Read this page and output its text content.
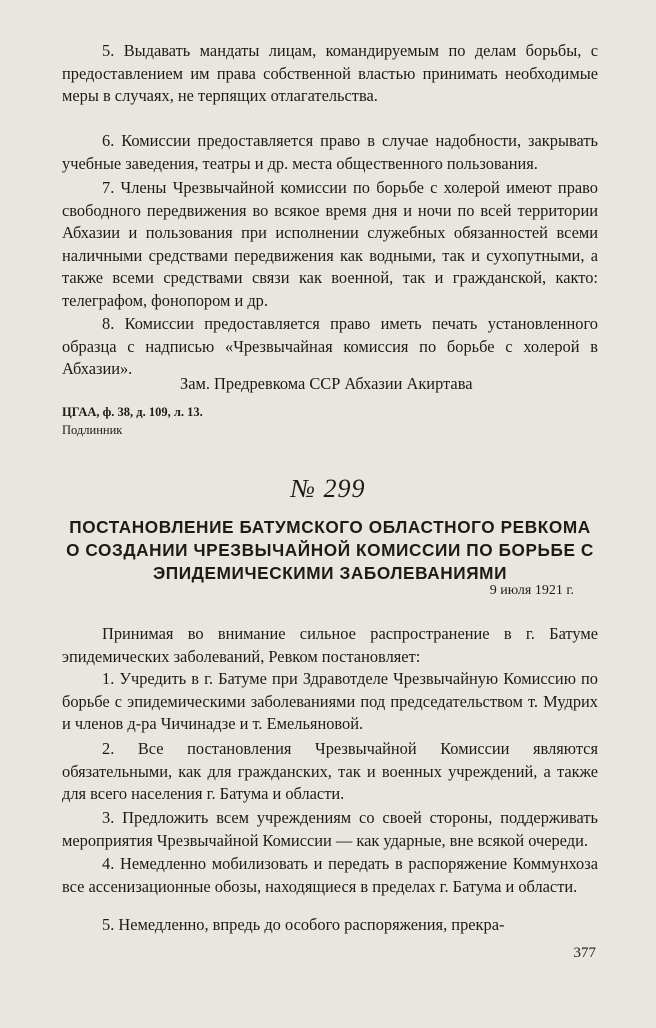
5. Выдавать мандаты лицам, командируемым по делам борьбы, с предоставлением им права собственной властью принимать необходимые меры в случаях, не терпящих отлагательства.

6. Комиссии предоставляется право в случае надобности, закрывать учебные заведения, театры и др. места общественного пользования.

7. Члены Чрезвычайной комиссии по борьбе с холерой имеют право свободного передвижения во всякое время дня и ночи по всей территории Абхазии и пользования при исполнении служебных обязанностей всеми наличными средствами передвижения как водными, так и сухопутными, а также всеми средствами связи как военной, так и гражданской, както: телеграфом, фонопором и др.

8. Комиссии предоставляется право иметь печать установленного образца с надписью «Чрезвычайная комиссия по борьбе с холерой в Абхазии».

Зам. Предревкома ССР Абхазии Акиртава

ЦГАА, ф. 38, д. 109, л. 13.

Подлинник

№ 299

ПОСТАНОВЛЕНИЕ БАТУМСКОГО ОБЛАСТНОГО РЕВКОМА О СОЗДАНИИ ЧРЕЗВЫЧАЙНОЙ КОМИССИИ ПО БОРЬБЕ С ЭПИДЕМИЧЕСКИМИ ЗАБОЛЕВАНИЯМИ

9 июля 1921 г.

Принимая во внимание сильное распространение в г. Батуме эпидемических заболеваний, Ревком постановляет:

1. Учредить в г. Батуме при Здравотделе Чрезвычайную Комиссию по борьбе с эпидемическими заболеваниями под председательством т. Мудрих и членов д-ра Чичинадзе и т. Емельяновой.

2. Все постановления Чрезвычайной Комиссии являются обязательными, как для гражданских, так и военных учреждений, а также для всего населения г. Батума и области.

3. Предложить всем учреждениям со своей стороны, поддерживать мероприятия Чрезвычайной Комиссии — как ударные, вне всякой очереди.

4. Немедленно мобилизовать и передать в распоряжение Коммунхоза все ассенизационные обозы, находящиеся в пределах г. Батума и области.

5. Немедленно, впредь до особого распоряжения, прекра-

377
